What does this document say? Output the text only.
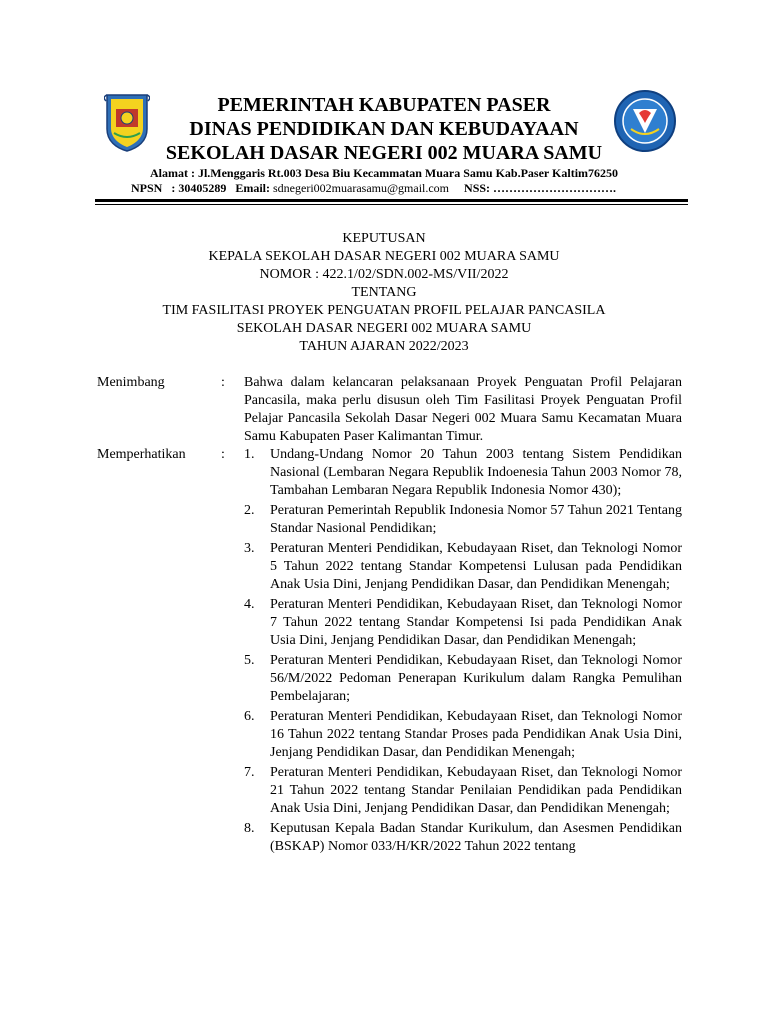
PEMERINTAH KABUPATEN PASER
DINAS PENDIDIKAN DAN KEBUDAYAAN
SEKOLAH DASAR NEGERI 002 MUARA SAMU
Alamat : Jl.Menggaris Rt.003 Desa Biu Kecammatan Muara Samu Kab.Paser Kaltim76250
NPSN : 30405289 Email: sdnegeri002muarasamu@gmail.com NSS: ………………………….
KEPUTUSAN
KEPALA SEKOLAH DASAR NEGERI 002 MUARA SAMU
NOMOR : 422.1/02/SDN.002-MS/VII/2022
TENTANG
TIM FASILITASI PROYEK PENGUATAN PROFIL PELAJAR PANCASILA
SEKOLAH DASAR NEGERI 002 MUARA SAMU
TAHUN AJARAN 2022/2023
Menimbang	: Bahwa dalam kelancaran pelaksanaan Proyek Penguatan Profil Pelajaran Pancasila, maka perlu disusun oleh Tim Fasilitasi Proyek Penguatan Profil Pelajar Pancasila Sekolah Dasar Negeri 002 Muara Samu Kecamatan Muara Samu Kabupaten Paser Kalimantan Timur.
Memperhatikan	: 1. Undang-Undang Nomor 20 Tahun 2003 tentang Sistem Pendidikan Nasional (Lembaran Negara Republik Indoenesia Tahun 2003 Nomor 78, Tambahan Lembaran Negara Republik Indonesia Nomor 430);
2. Peraturan Pemerintah Republik Indonesia Nomor 57 Tahun 2021 Tentang Standar Nasional Pendidikan;
3. Peraturan Menteri Pendidikan, Kebudayaan Riset, dan Teknologi Nomor 5 Tahun 2022 tentang Standar Kompetensi Lulusan pada Pendidikan Anak Usia Dini, Jenjang Pendidikan Dasar, dan Pendidikan Menengah;
4. Peraturan Menteri Pendidikan, Kebudayaan Riset, dan Teknologi Nomor 7 Tahun 2022 tentang Standar Kompetensi Isi pada Pendidikan Anak Usia Dini, Jenjang Pendidikan Dasar, dan Pendidikan Menengah;
5. Peraturan Menteri Pendidikan, Kebudayaan Riset, dan Teknologi Nomor 56/M/2022 Pedoman Penerapan Kurikulum dalam Rangka Pemulihan Pembelajaran;
6. Peraturan Menteri Pendidikan, Kebudayaan Riset, dan Teknologi Nomor 16 Tahun 2022 tentang Standar Proses pada Pendidikan Anak Usia Dini, Jenjang Pendidikan Dasar, dan Pendidikan Menengah;
7. Peraturan Menteri Pendidikan, Kebudayaan Riset, dan Teknologi Nomor 21 Tahun 2022 tentang Standar Penilaian Pendidikan pada Pendidikan Anak Usia Dini, Jenjang Pendidikan Dasar, dan Pendidikan Menengah;
8. Keputusan Kepala Badan Standar Kurikulum, dan Asesmen Pendidikan (BSKAP) Nomor 033/H/KR/2022 Tahun 2022 tentang
